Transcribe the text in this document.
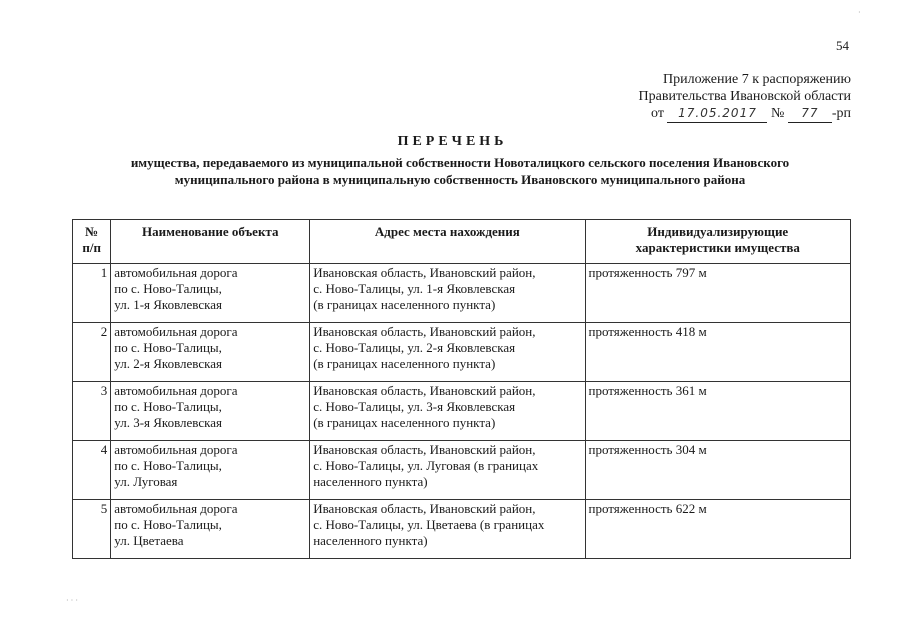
·
54
Приложение 7 к распоряжению
Правительства Ивановской области
от 17.05.2017 № 77 -рп
ПЕРЕЧЕНЬ
имущества, передаваемого из муниципальной собственности Новоталицкого сельского поселения Ивановского
муниципального района в муниципальную собственность Ивановского муниципального района
№
п/п	Наименование объекта	Адрес места нахождения	Индивидуализирующие
характеристики имущества

1	автомобильная дорога
по с. Ново-Талицы,
ул. 1-я Яковлевская	Ивановская область, Ивановский район,
с. Ново-Талицы, ул. 1-я Яковлевская
(в границах населенного пункта)	протяженность 797 м
2	автомобильная дорога
по с. Ново-Талицы,
ул. 2-я Яковлевская	Ивановская область, Ивановский район,
с. Ново-Талицы, ул. 2-я Яковлевская
(в границах населенного пункта)	протяженность 418 м
3	автомобильная дорога
по с. Ново-Талицы,
ул. 3-я Яковлевская	Ивановская область, Ивановский район,
с. Ново-Талицы, ул. 3-я Яковлевская
(в границах населенного пункта)	протяженность 361 м
4	автомобильная дорога
по с. Ново-Талицы,
ул. Луговая	Ивановская область, Ивановский район,
с. Ново-Талицы, ул. Луговая (в границах
населенного пункта)	протяженность 304 м
5	автомобильная дорога
по с. Ново-Талицы,
ул. Цветаева	Ивановская область, Ивановский район,
с. Ново-Талицы, ул. Цветаева (в границах
населенного пункта)	протяженность 622 м
· · ·
